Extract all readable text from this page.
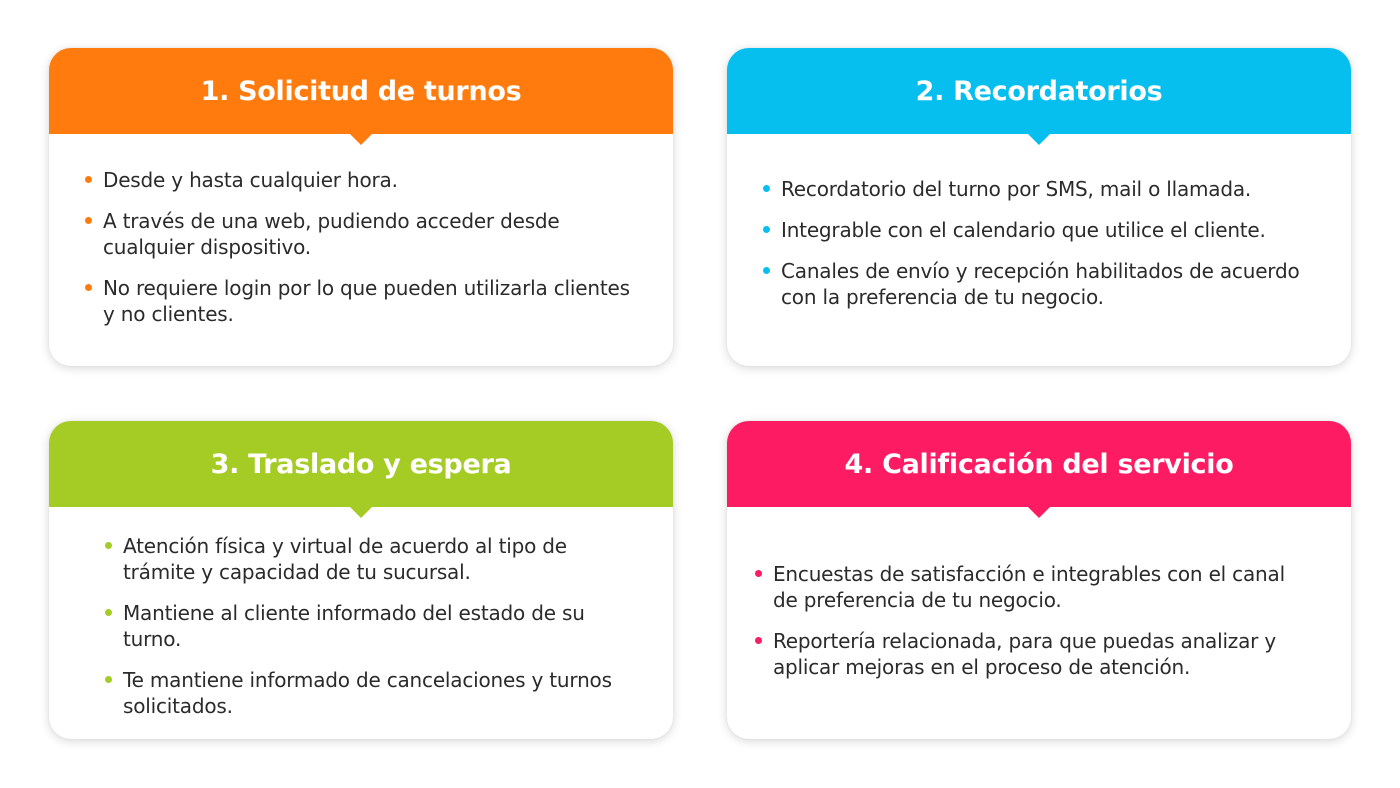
1. Solicitud de turnos
Desde y hasta cualquier hora.
A través de una web, pudiendo acceder desde cualquier dispositivo.
No requiere login por lo que pueden utilizarla clientes y no clientes.
2. Recordatorios
Recordatorio del turno por SMS, mail o llamada.
Integrable con el calendario que utilice el cliente.
Canales de envío y recepción habilitados de acuerdo con la preferencia de tu negocio.
3. Traslado y espera
Atención física y virtual de acuerdo al tipo de trámite y capacidad de tu sucursal.
Mantiene al cliente informado del estado de su turno.
Te mantiene informado de cancelaciones y turnos solicitados.
4. Calificación del servicio
Encuestas de satisfacción e integrables con el canal de preferencia de tu negocio.
Reportería relacionada, para que puedas analizar y aplicar mejoras en el proceso de atención.
